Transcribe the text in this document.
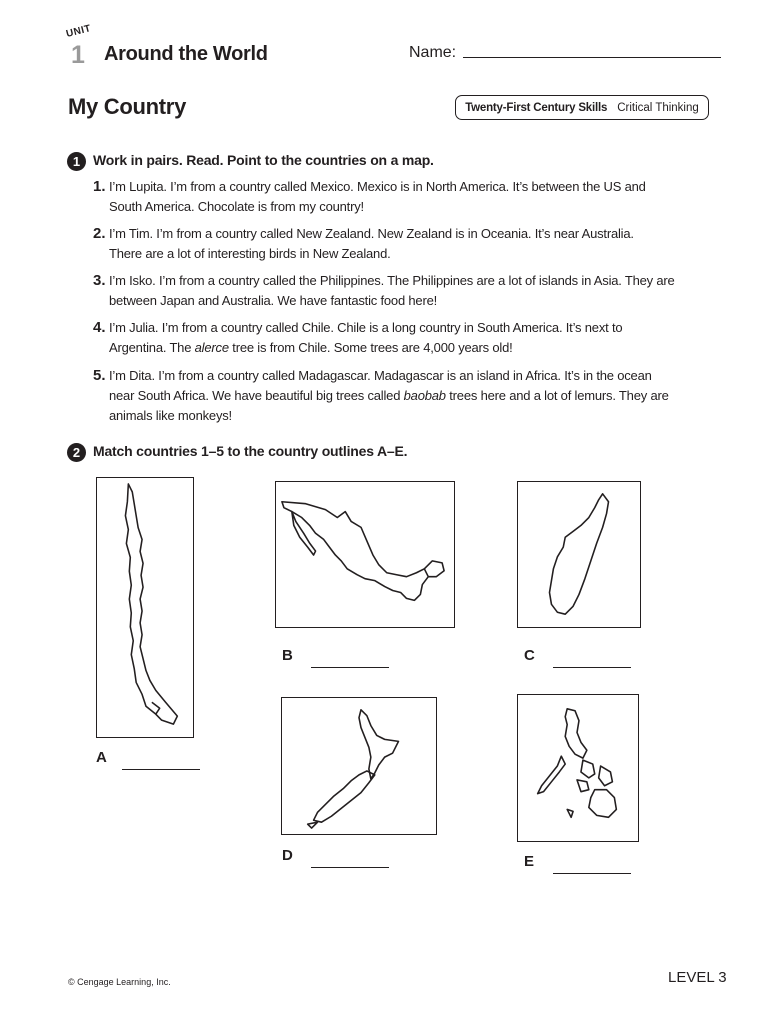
UNIT
1 Around the World	Name:
My Country	Twenty-First Century Skills Critical Thinking
1 Work in pairs. Read. Point to the countries on a map.
1. I’m Lupita. I’m from a country called Mexico. Mexico is in North America. It’s between the US and
South America. Chocolate is from my country!
2. I’m Tim. I’m from a country called New Zealand. New Zealand is in Oceania. It’s near Australia.
There are a lot of interesting birds in New Zealand.
3. I’m Isko. I’m from a country called the Philippines. The Philippines are a lot of islands in Asia. They are
between Japan and Australia. We have fantastic food here!
4. I’m Julia. I’m from a country called Chile. Chile is a long country in South America. It’s next to
Argentina. The alerce tree is from Chile. Some trees are 4,000 years old!
5. I’m Dita. I’m from a country called Madagascar. Madagascar is an island in Africa. It’s in the ocean
near South Africa. We have beautiful big trees called baobab trees here and a lot of lemurs. They are
animals like monkeys!
2 Match countries 1–5 to the country outlines A–E.
A
B	C
D	E
© Cengage Learning, Inc.	LEVEL 3
